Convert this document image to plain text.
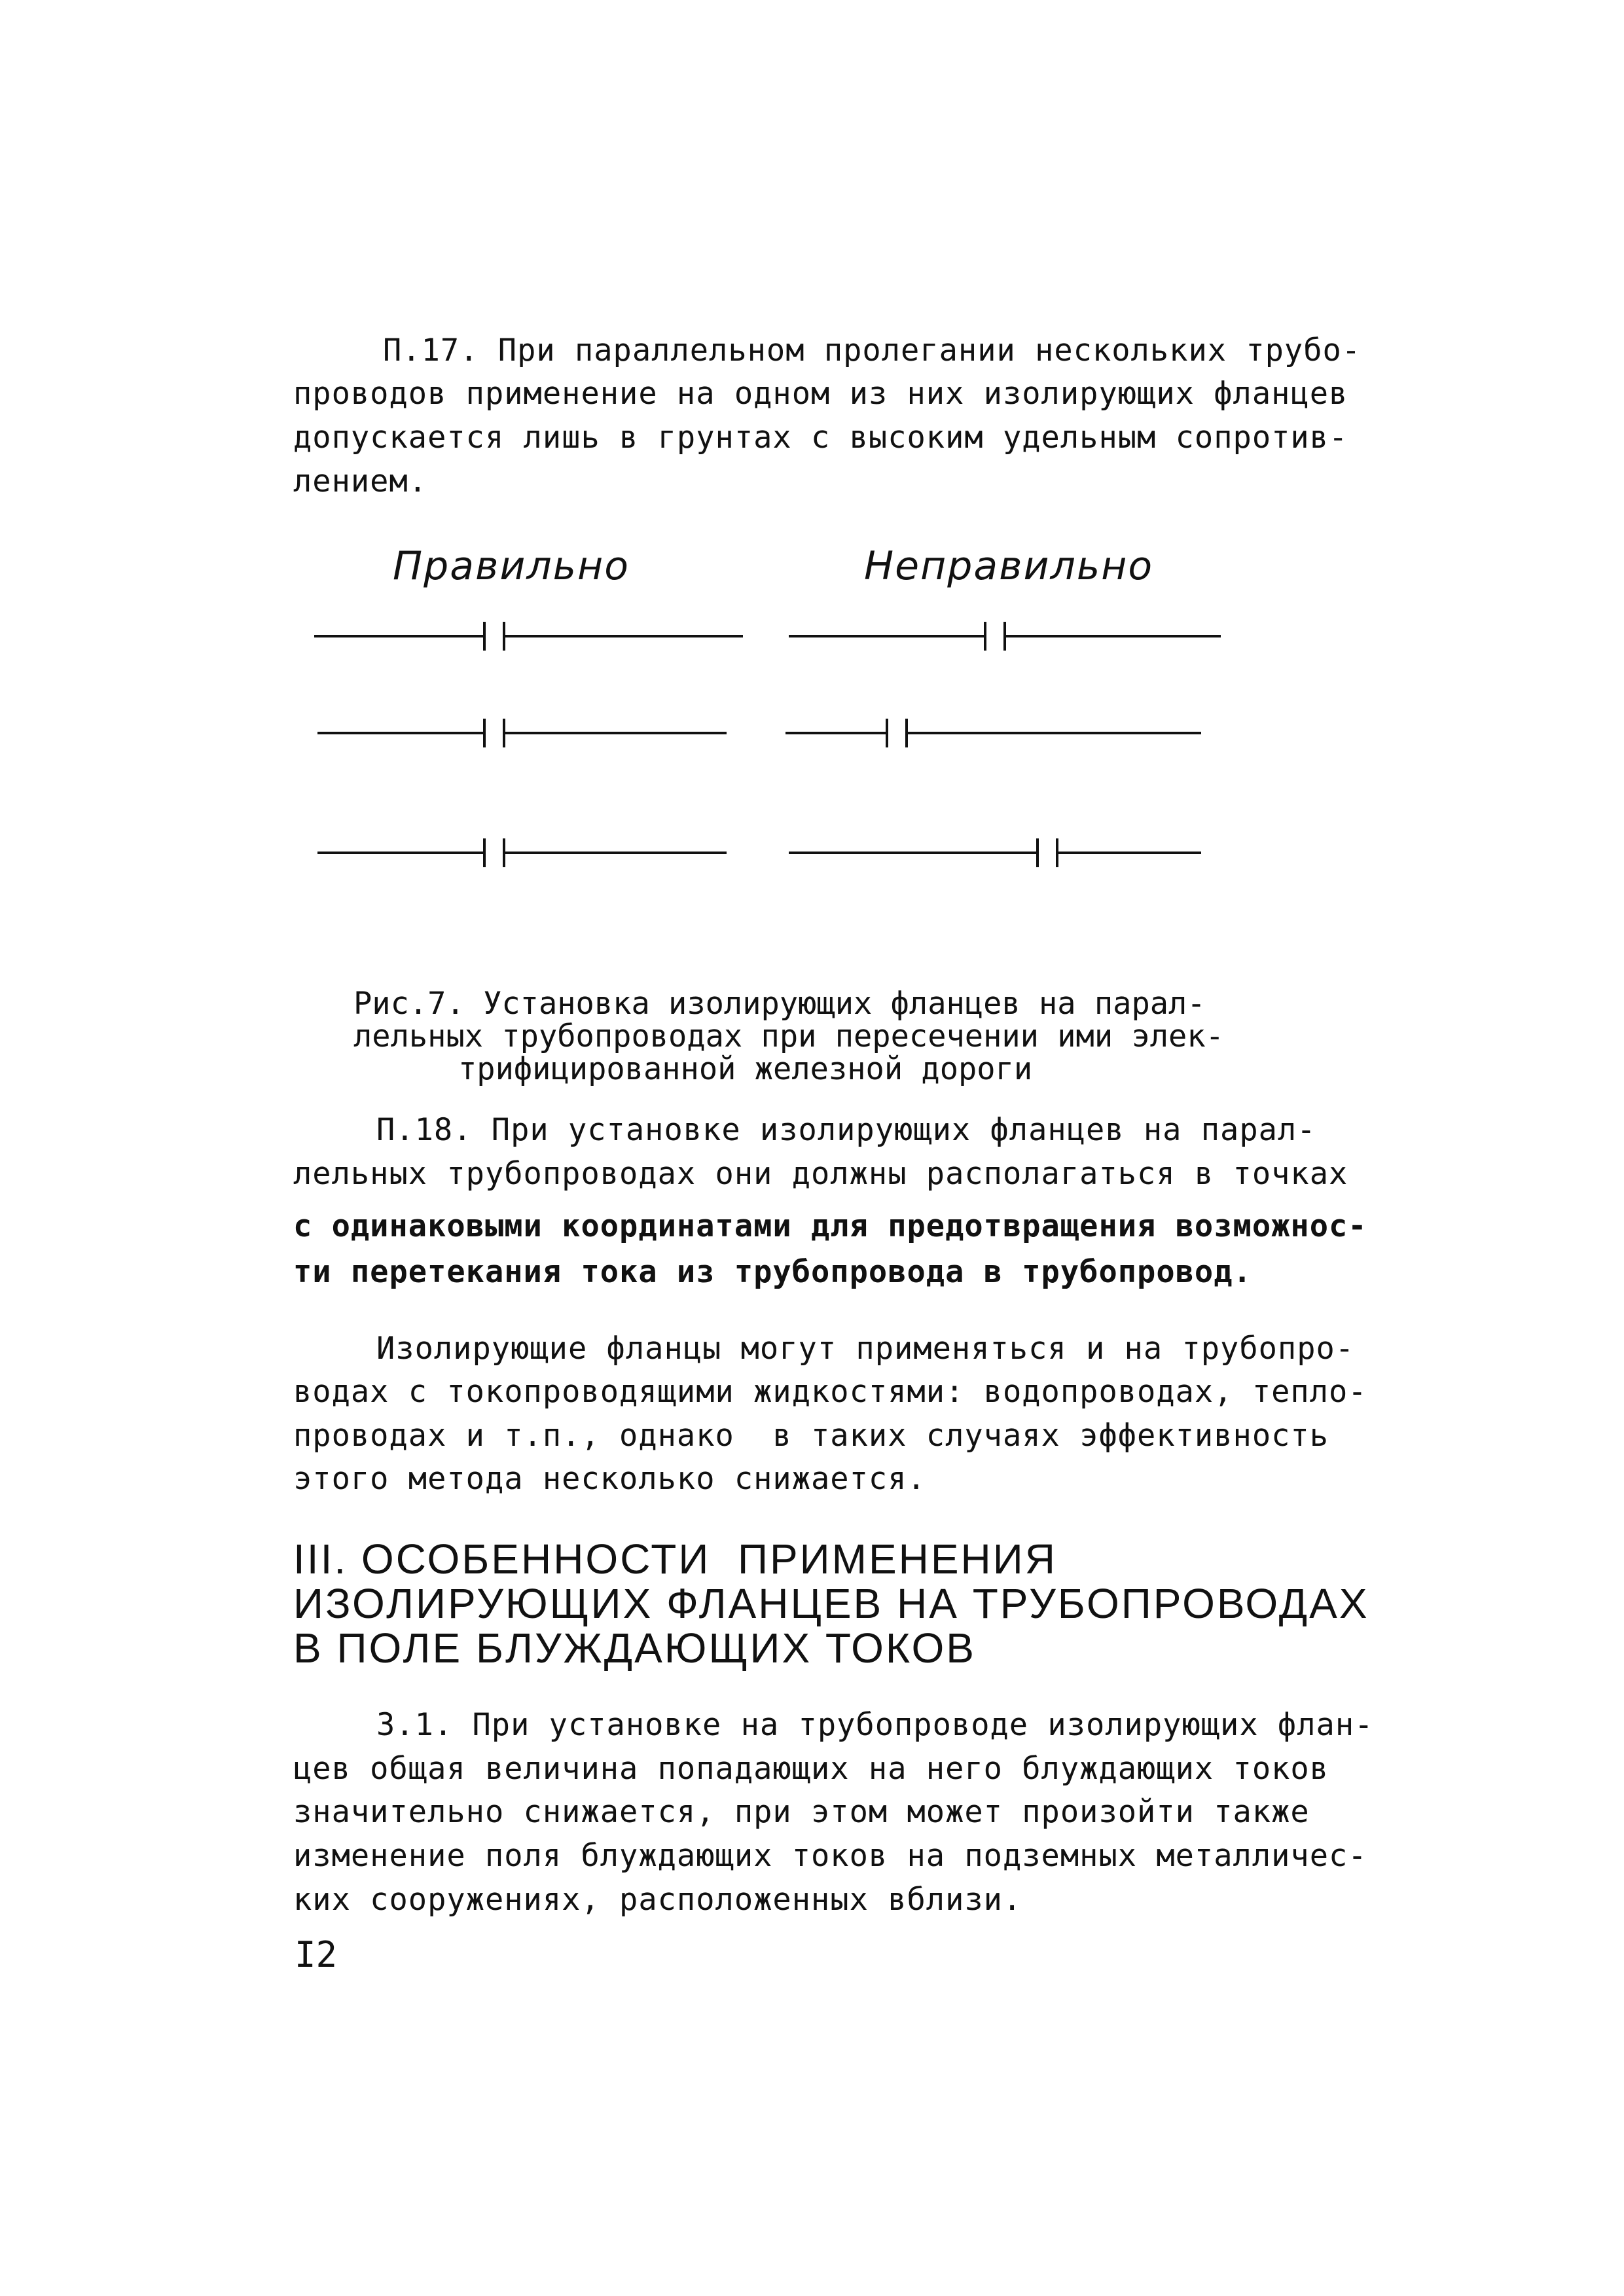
П.17. При параллельном пролегании нескольких трубо-
проводов применение на одном из них изолирующих фланцев
допускается лишь в грунтах с высоким удельным сопротив-
лением.
Правильно	Неправильно
Рис.7. Установка изолирующих фланцев на парал-
лельных трубопроводах при пересечении ими элек-
трифицированной железной дороги
П.18. При установке изолирующих фланцев на парал-
лельных трубопроводах они должны располагаться в точках
с одинаковыми координатами для предотвращения возможнос-
ти перетекания тока из трубопровода в трубопровод.
Изолирующие фланцы могут применяться и на трубопро-
водах с токопроводящими жидкостями: водопроводах, тепло-
проводах и т.п., однако  в таких случаях эффективность
этого метода несколько снижается.
III. ОСОБЕННОСТИ  ПРИМЕНЕНИЯ
ИЗОЛИРУЮЩИХ ФЛАНЦЕВ НА ТРУБОПРОВОДАХ
В ПОЛЕ БЛУЖДАЮЩИХ ТОКОВ
3.1. При установке на трубопроводе изолирующих флан-
цев общая величина попадающих на него блуждающих токов
значительно снижается, при этом может произойти также
изменение поля блуждающих токов на подземных металличес-
ких сооружениях, расположенных вблизи.
I2
